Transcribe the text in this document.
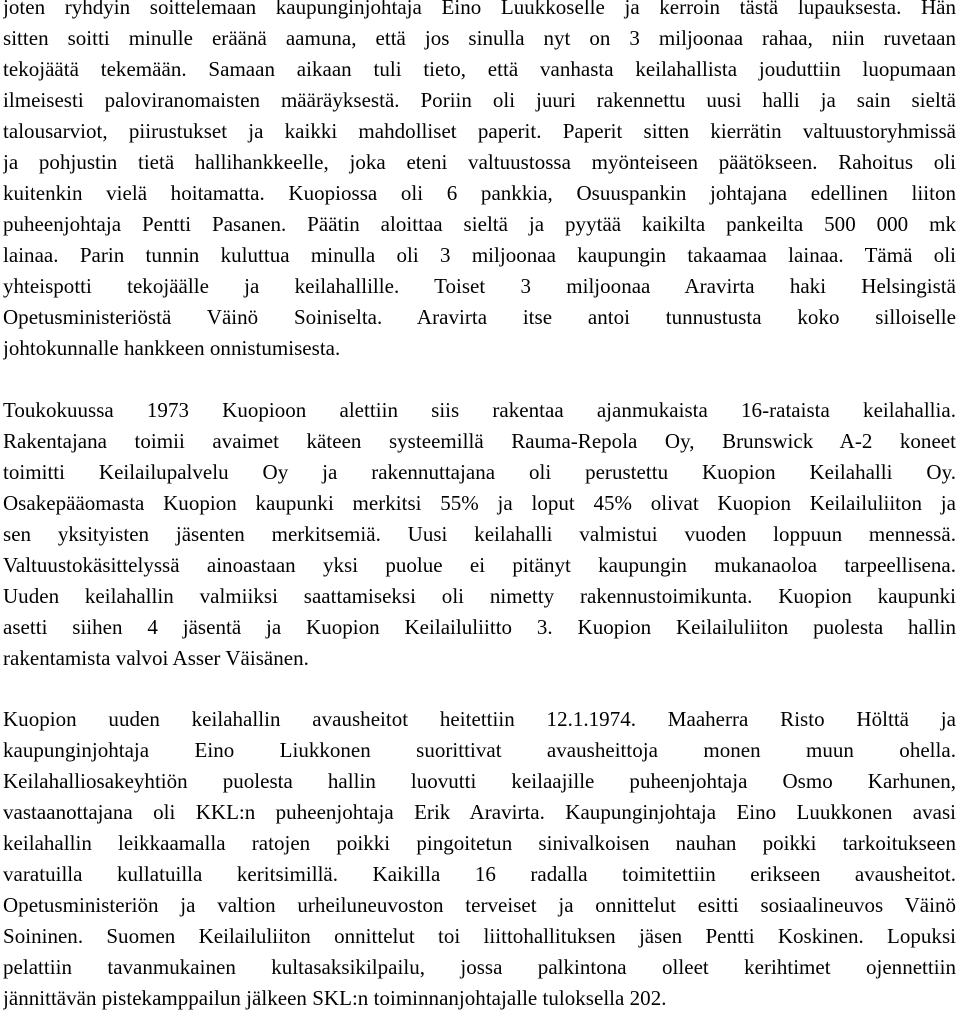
joten ryhdyin soittelemaan kaupunginjohtaja Eino Luukkoselle ja kerroin tästä lupauksesta. Hän
sitten soitti minulle eräänä aamuna, että jos sinulla nyt on 3 miljoonaa rahaa, niin ruvetaan
tekojäätä tekemään. Samaan aikaan tuli tieto, että vanhasta keilahallista jouduttiin luopumaan
ilmeisesti paloviranomaisten määräyksestä. Poriin oli juuri rakennettu uusi halli ja sain sieltä
talousarviot, piirustukset ja kaikki mahdolliset paperit. Paperit sitten kierrätin valtuustoryhmissä
ja pohjustin tietä hallihankkeelle, joka eteni valtuustossa myönteiseen päätökseen. Rahoitus oli
kuitenkin vielä hoitamatta. Kuopiossa oli 6 pankkia, Osuuspankin johtajana edellinen liiton
puheenjohtaja Pentti Pasanen. Päätin aloittaa sieltä ja pyytää kaikilta pankeilta 500 000 mk
lainaa. Parin tunnin kuluttua minulla oli 3 miljoonaa kaupungin takaamaa lainaa. Tämä oli
yhteispotti tekojäälle ja keilahallille. Toiset 3 miljoonaa Aravirta haki Helsingistä
Opetusministeriöstä Väinö Soiniselta. Aravirta itse antoi tunnustusta koko silloiselle
johtokunnalle hankkeen onnistumisesta.
Toukokuussa 1973 Kuopioon alettiin siis rakentaa ajanmukaista 16-rataista keilahallia.
Rakentajana toimii avaimet käteen systeemillä Rauma-Repola Oy, Brunswick A-2 koneet
toimitti Keilailupalvelu Oy ja rakennuttajana oli perustettu Kuopion Keilahalli Oy.
Osakepääomasta Kuopion kaupunki merkitsi 55% ja loput 45% olivat Kuopion Keilailuliiton ja
sen yksityisten jäsenten merkitsemiä. Uusi keilahalli valmistui vuoden loppuun mennessä.
Valtuustokäsittelyssä ainoastaan yksi puolue ei pitänyt kaupungin mukanaoloa tarpeellisena.
Uuden keilahallin valmiiksi saattamiseksi oli nimetty rakennustoimikunta. Kuopion kaupunki
asetti siihen 4 jäsentä ja Kuopion Keilailuliitto 3. Kuopion Keilailuliiton puolesta hallin
rakentamista valvoi Asser Väisänen.
Kuopion uuden keilahallin avausheitot heitettiin 12.1.1974. Maaherra Risto Hölttä ja
kaupunginjohtaja Eino Liukkonen suorittivat avausheittoja monen muun ohella.
Keilahalliosakeyhtiön puolesta hallin luovutti keilaajille puheenjohtaja Osmo Karhunen,
vastaanottajana oli KKL:n puheenjohtaja Erik Aravirta. Kaupunginjohtaja Eino Luukkonen avasi
keilahallin leikkaamalla ratojen poikki pingoitetun sinivalkoisen nauhan poikki tarkoitukseen
varatuilla kullatuilla keritsimillä. Kaikilla 16 radalla toimitettiin erikseen avausheitot.
Opetusministeriön ja valtion urheiluneuvoston terveiset ja onnittelut esitti sosiaalineuvos Väinö
Soininen. Suomen Keilailuliiton onnittelut toi liittohallituksen jäsen Pentti Koskinen. Lopuksi
pelattiin tavanmukainen kultasaksikilpailu, jossa palkintona olleet kerihtimet ojennettiin
jännittävän pistekamppailun jälkeen SKL:n toiminnanjohtajalle tuloksella 202.
